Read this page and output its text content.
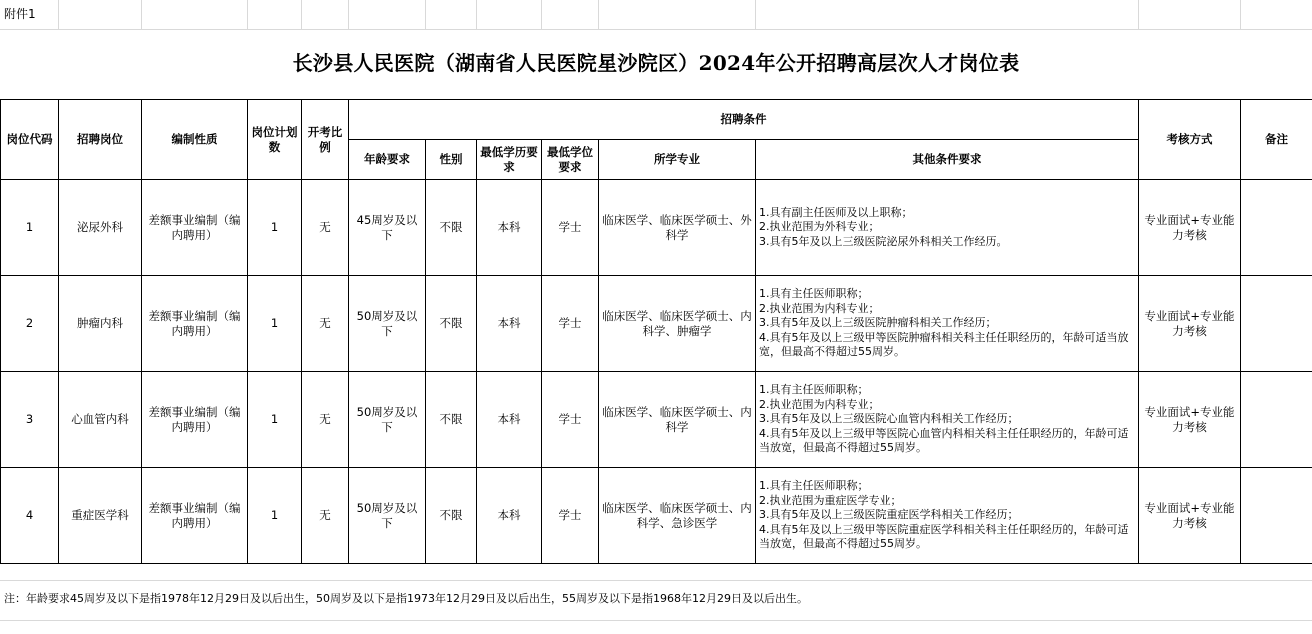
附件1
长沙县人民医院（湖南省人民医院星沙院区）2024年公开招聘高层次人才岗位表
岗位代码	招聘岗位	编制性质	岗位计划数	开考比例	招聘条件						考核方式	备注
					年龄要求	性别	最低学历要求	最低学位要求	所学专业	其他条件要求		
1	泌尿外科	差额事业编制（编内聘用）	1	无	45周岁及以下	不限	本科	学士	临床医学、临床医学硕士、外科学	1.具有副主任医师及以上职称；
2.执业范围为外科专业；
3.具有5年及以上三级医院泌尿外科相关工作经历。	专业面试+专业能力考核	
2	肿瘤内科	差额事业编制（编内聘用）	1	无	50周岁及以下	不限	本科	学士	临床医学、临床医学硕士、内科学、肿瘤学	1.具有主任医师职称；
2.执业范围为内科专业；
3.具有5年及以上三级医院肿瘤科相关工作经历；
4.具有5年及以上三级甲等医院肿瘤科相关科主任任职经历的，年龄可适当放宽，但最高不得超过55周岁。	专业面试+专业能力考核	
3	心血管内科	差额事业编制（编内聘用）	1	无	50周岁及以下	不限	本科	学士	临床医学、临床医学硕士、内科学	1.具有主任医师职称；
2.执业范围为内科专业；
3.具有5年及以上三级医院心血管内科相关工作经历；
4.具有5年及以上三级甲等医院心血管内科相关科主任任职经历的，年龄可适当放宽，但最高不得超过55周岁。	专业面试+专业能力考核	
4	重症医学科	差额事业编制（编内聘用）	1	无	50周岁及以下	不限	本科	学士	临床医学、临床医学硕士、内科学、急诊医学	1.具有主任医师职称；
2.执业范围为重症医学专业；
3.具有5年及以上三级医院重症医学科相关工作经历；
4.具有5年及以上三级甲等医院重症医学科相关科主任任职经历的，年龄可适当放宽，但最高不得超过55周岁。	专业面试+专业能力考核	
注：年龄要求45周岁及以下是指1978年12月29日及以后出生，50周岁及以下是指1973年12月29日及以后出生，55周岁及以下是指1968年12月29日及以后出生。
